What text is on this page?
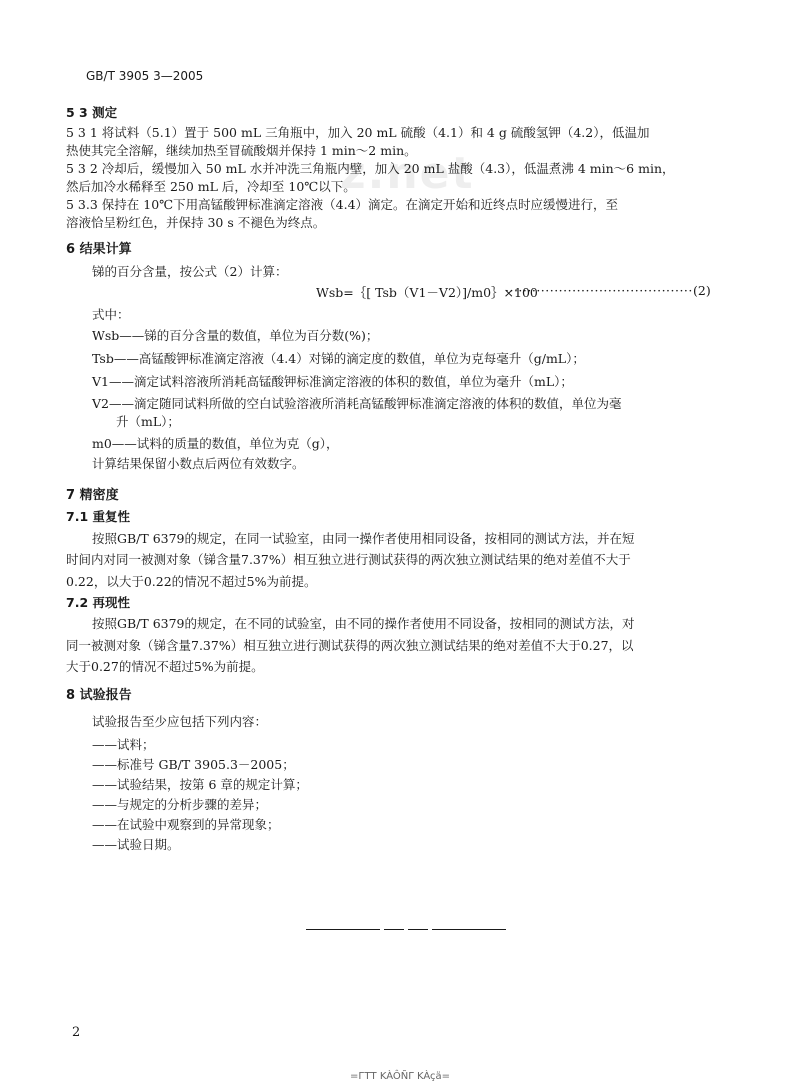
GB/T 3905 3—2005
z.net
5 3 测定
5 3 1 将试料（5.1）置于 500 mL 三角瓶中，加入 20 mL 硫酸（4.1）和 4 g 硫酸氢钾（4.2），低温加
热使其完全溶解，继续加热至冒硫酸烟并保持 1 min～2 min。
5 3 2 冷却后，缓慢加入 50 mL 水并冲洗三角瓶内壁，加入 20 mL 盐酸（4.3），低温煮沸 4 min～6 min，
然后加冷水稀释至 250 mL 后，冷却至 10℃以下。
5 3.3 保持在 10℃下用高锰酸钾标准滴定溶液（4.4）滴定。在滴定开始和近终点时应缓慢进行，至
溶液恰呈粉红色，并保持 30 s 不褪色为终点。
6 结果计算
锑的百分含量，按公式（2）计算：
Wsb=｛[ Tsb（V1－V2）]/m0｝×100
·········································· (2)
式中：
Wsb——锑的百分含量的数值，单位为百分数(%)；
Tsb——高锰酸钾标准滴定溶液（4.4）对锑的滴定度的数值，单位为克每毫升（g/mL）；
V1——滴定试料溶液所消耗高锰酸钾标准滴定溶液的体积的数值，单位为毫升（mL）；
V2——滴定随同试料所做的空白试验溶液所消耗高锰酸钾标准滴定溶液的体积的数值，单位为毫
升（mL）；
m0——试料的质量的数值，单位为克（g），
计算结果保留小数点后两位有效数字。
7 精密度
7.1 重复性
按照GB/T 6379的规定，在同一试验室，由同一操作者使用相同设备，按相同的测试方法，并在短
时间内对同一被测对象（锑含量7.37%）相互独立进行测试获得的两次独立测试结果的绝对差值不大于
0.22，以大于0.22的情况不超过5%为前提。
7.2 再现性
按照GB/T 6379的规定，在不同的试验室，由不同的操作者使用不同设备，按相同的测试方法，对
同一被测对象（锑含量7.37%）相互独立进行测试获得的两次独立测试结果的绝对差值不大于0.27，以
大于0.27的情况不超过5%为前提。
8 试验报告
试验报告至少应包括下列内容：
——试料；
——标准号 GB/T 3905.3－2005；
——试验结果，按第 6 章的规定计算；
——与规定的分析步骤的差异；
——在试验中观察到的异常现象；
——试验日期。
2
=ГТТ KÀÔÑΓ KÀçä=
